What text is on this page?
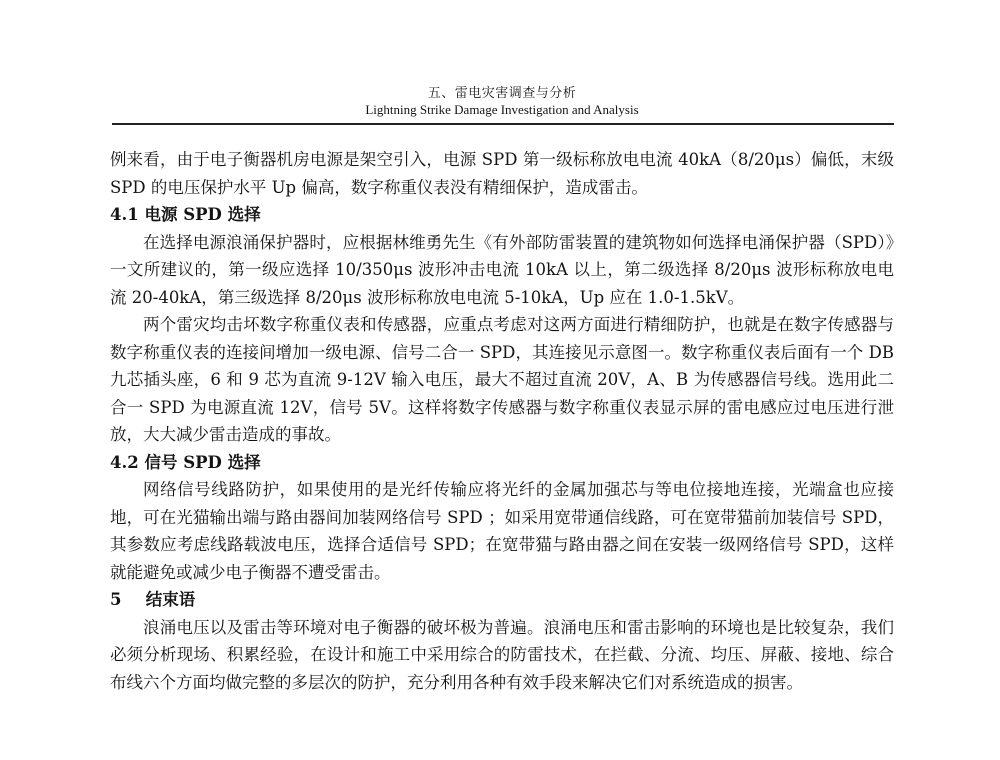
五、雷电灾害调查与分析
Lightning Strike Damage Investigation and Analysis

例来看，由于电子衡器机房电源是架空引入，电源 SPD 第一级标称放电电流 40kA（8/20μs）偏低，末级 SPD 的电压保护水平 Up 偏高，数字称重仪表没有精细保护，造成雷击。

4.1 电源 SPD 选择

在选择电源浪涌保护器时，应根据林维勇先生《有外部防雷装置的建筑物如何选择电涌保护器（SPD）》一文所建议的，第一级应选择 10/350μs 波形冲击电流 10kA 以上，第二级选择 8/20μs 波形标称放电电流 20-40kA，第三级选择 8/20μs 波形标称放电电流 5-10kA，Up 应在 1.0-1.5kV。

两个雷灾均击坏数字称重仪表和传感器，应重点考虑对这两方面进行精细防护，也就是在数字传感器与数字称重仪表的连接间增加一级电源、信号二合一 SPD，其连接见示意图一。数字称重仪表后面有一个 DB 九芯插头座，6 和 9 芯为直流 9-12V 输入电压，最大不超过直流 20V，A、B 为传感器信号线。选用此二合一 SPD 为电源直流 12V，信号 5V。这样将数字传感器与数字称重仪表显示屏的雷电感应过电压进行泄放，大大减少雷击造成的事故。

4.2 信号 SPD 选择

网络信号线路防护，如果使用的是光纤传输应将光纤的金属加强芯与等电位接地连接，光端盒也应接地，可在光猫输出端与路由器间加装网络信号 SPD ；如采用宽带通信线路，可在宽带猫前加装信号 SPD，其参数应考虑线路载波电压，选择合适信号 SPD；在宽带猫与路由器之间在安装一级网络信号 SPD，这样就能避免或减少电子衡器不遭受雷击。

5 结束语

浪涌电压以及雷击等环境对电子衡器的破坏极为普遍。浪涌电压和雷击影响的环境也是比较复杂，我们必须分析现场、积累经验，在设计和施工中采用综合的防雷技术，在拦截、分流、均压、屏蔽、接地、综合布线六个方面均做完整的多层次的防护，充分利用各种有效手段来解决它们对系统造成的损害。
